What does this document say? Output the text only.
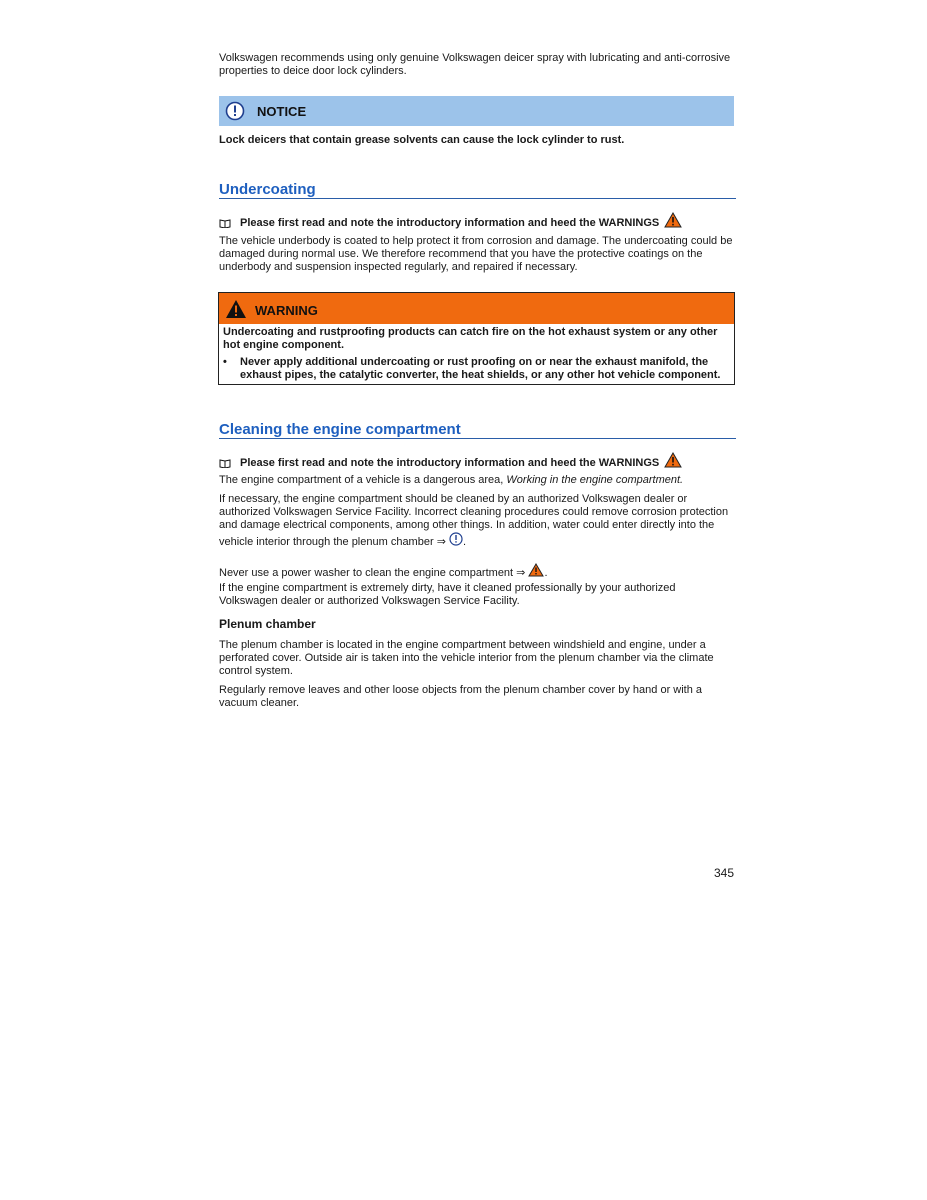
Volkswagen recommends using only genuine Volkswagen deicer spray with lubricating and anti-corrosive properties to deice door lock cylinders.

NOTICE

Lock deicers that contain grease solvents can cause the lock cylinder to rust.

Undercoating
Please first read and note the introductory information and heed the WARNINGS

The vehicle underbody is coated to help protect it from corrosion and damage. The undercoating could be damaged during normal use. We therefore recommend that you have the protective coatings on the underbody and suspension inspected regularly, and repaired if necessary.

WARNING

Undercoating and rustproofing products can catch fire on the hot exhaust system or any other hot engine component.

•	Never apply additional undercoating or rust proofing on or near the exhaust manifold, the exhaust pipes, the catalytic converter, the heat shields, or any other hot vehicle component.
Cleaning the engine compartment
Please first read and note the introductory information and heed the WARNINGS

The engine compartment of a vehicle is a dangerous area, Working in the engine compartment.

If necessary, the engine compartment should be cleaned by an authorized Volkswagen dealer or authorized Volkswagen Service Facility. Incorrect cleaning procedures could remove corrosion protection and damage electrical components, among other things. In addition, water could enter directly into the vehicle interior through the plenum chamber ⇒ .

Never use a power washer to clean the engine compartment ⇒ .

If the engine compartment is extremely dirty, have it cleaned professionally by your authorized Volkswagen dealer or authorized Volkswagen Service Facility.

Plenum chamber

The plenum chamber is located in the engine compartment between windshield and engine, under a perforated cover. Outside air is taken into the vehicle interior from the plenum chamber via the climate control system.

Regularly remove leaves and other loose objects from the plenum chamber cover by hand or with a vacuum cleaner.

345
